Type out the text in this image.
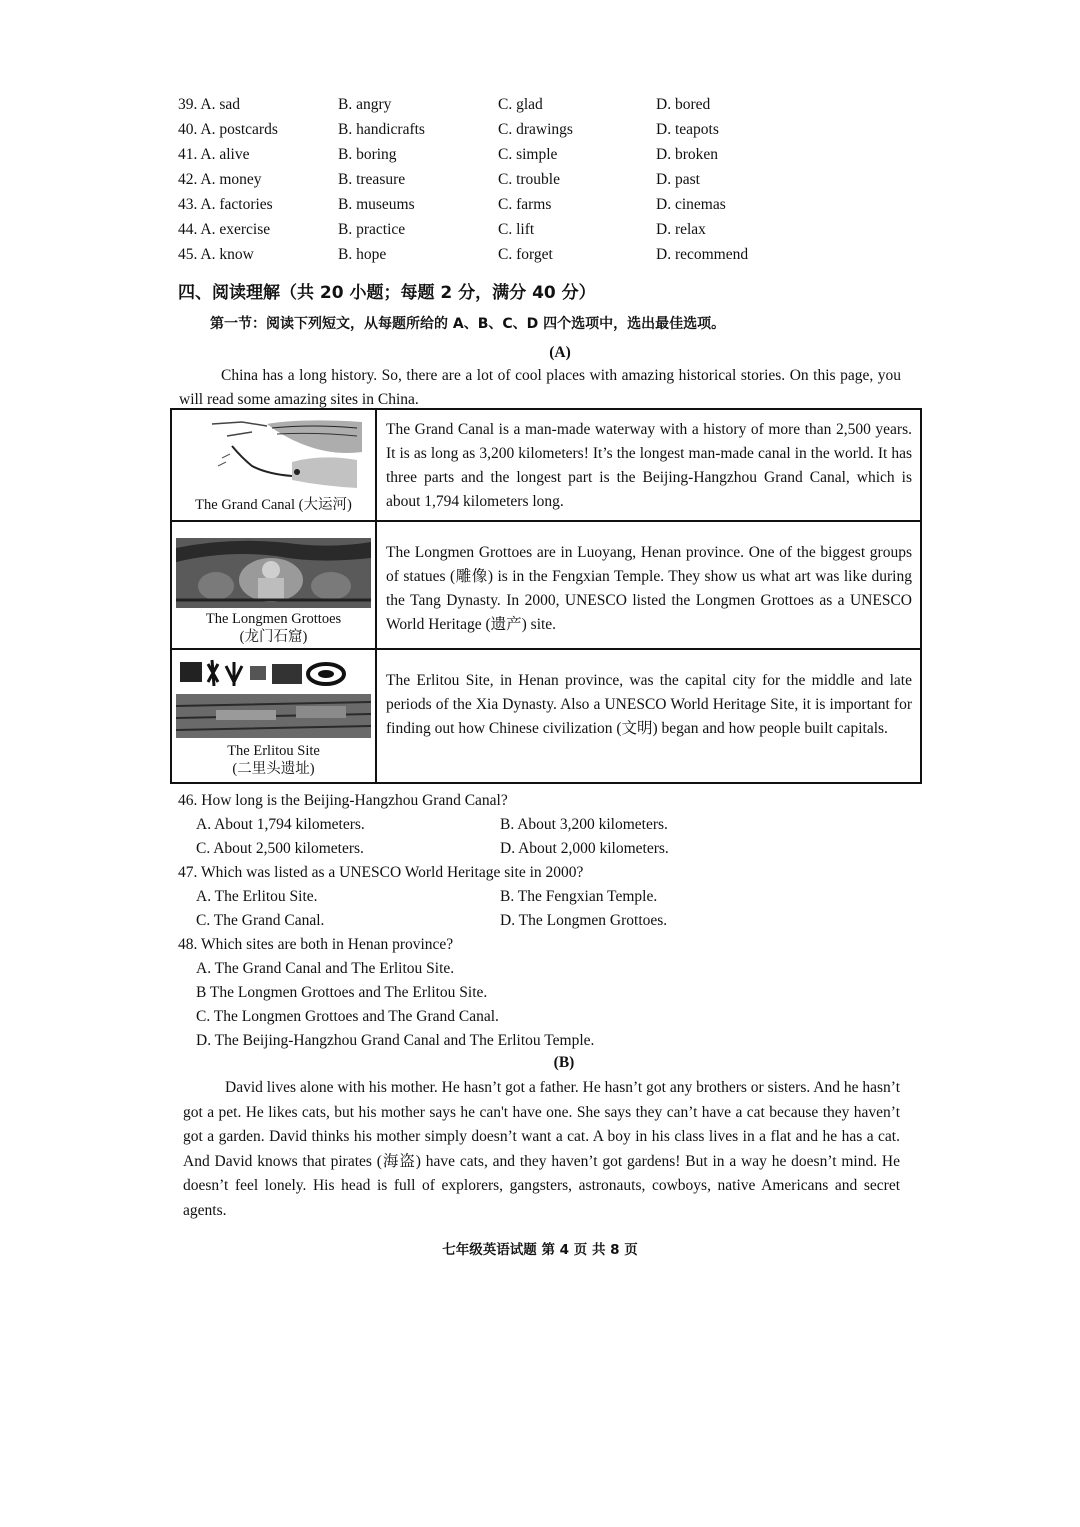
39. A. sad	B. angry	C. glad	D. bored
40. A. postcards	B. handicrafts	C. drawings	D. teapots
41. A. alive	B. boring	C. simple	D. broken
42. A. money	B. treasure	C. trouble	D. past
43. A. factories	B. museums	C. farms	D. cinemas
44. A. exercise	B. practice	C. lift	D. relax
45. A. know	B. hope	C. forget	D. recommend
四、阅读理解（共 20 小题；每题 2 分，满分 40 分）
第一节：阅读下列短文，从每题所给的 A、B、C、D 四个选项中，选出最佳选项。
(A)
China has a long history. So, there are a lot of cool places with amazing historical stories. On this page, you will read some amazing sites in China.
The Grand Canal (大运河)	The Grand Canal is a man-made waterway with a history of more than 2,500 years. It is as long as 3,200 kilometers! It’s the longest man-made canal in the world. It has three parts and the longest part is the Beijing-Hangzhou Grand Canal, which is about 1,794 kilometers long.

The Longmen Grottoes
(龙门石窟)	The Longmen Grottoes are in Luoyang, Henan province. One of the biggest groups of statues (雕像) is in the Fengxian Temple. They show us what art was like during the Tang Dynasty. In 2000, UNESCO listed the Longmen Grottoes as a UNESCO World Heritage (遗产) site.

The Erlitou Site
(二里头遗址)	The Erlitou Site, in Henan province, was the capital city for the middle and late periods of the Xia Dynasty. Also a UNESCO World Heritage Site, it is important for finding out how Chinese civilization (文明) began and how people built capitals.
46. How long is the Beijing-Hangzhou Grand Canal?
A. About 1,794 kilometers.	B. About 3,200 kilometers.
C. About 2,500 kilometers.	D. About 2,000 kilometers.
47. Which was listed as a UNESCO World Heritage site in 2000?
A. The Erlitou Site.	B. The Fengxian Temple.
C. The Grand Canal.	D. The Longmen Grottoes.
48. Which sites are both in Henan province?
A. The Grand Canal and The Erlitou Site.
B The Longmen Grottoes and The Erlitou Site.
C. The Longmen Grottoes and The Grand Canal.
D. The Beijing-Hangzhou Grand Canal and The Erlitou Temple.
(B)
David lives alone with his mother. He hasn’t got a father. He hasn’t got any brothers or sisters. And he hasn’t got a pet. He likes cats, but his mother says he can't have one. She says they can’t have a cat because they haven’t got a garden. David thinks his mother simply doesn’t want a cat. A boy in his class lives in a flat and he has a cat. And David knows that pirates (海盗) have cats, and they haven’t got gardens! But in a way he doesn’t mind. He doesn’t feel lonely. His head is full of explorers, gangsters, astronauts, cowboys, native Americans and secret agents.
七年级英语试题 第 4 页 共 8 页
